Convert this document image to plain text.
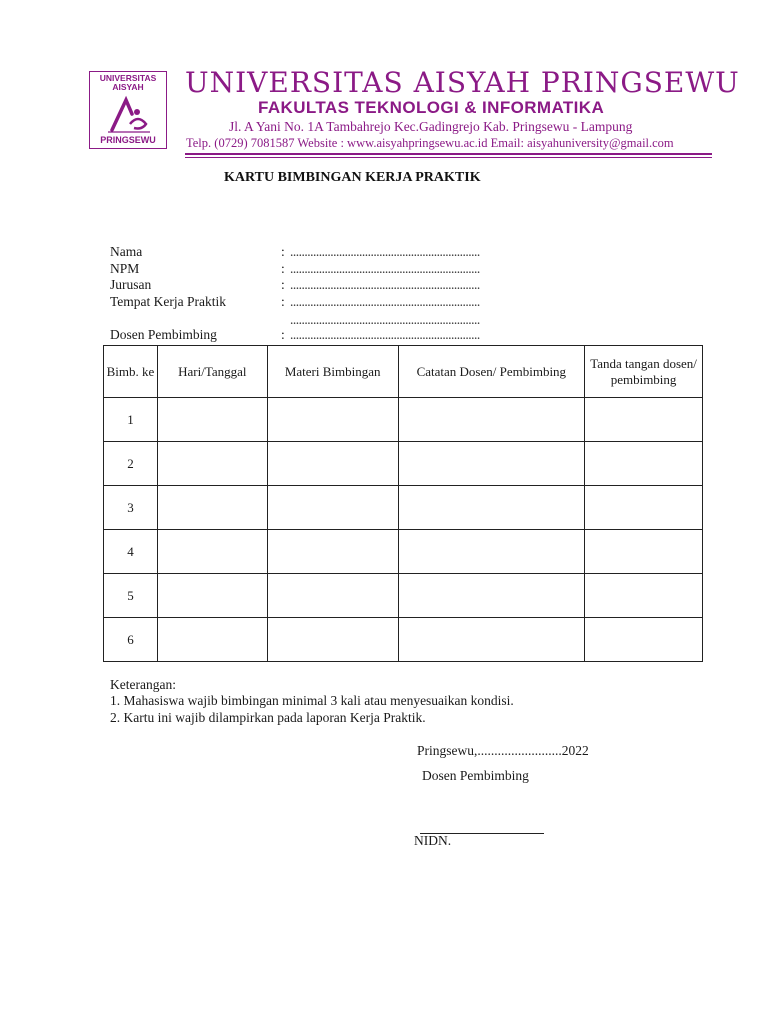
UNIVERSITAS AISYAH
PRINGSEWU
UNIVERSITAS AISYAH PRINGSEWU
FAKULTAS TEKNOLOGI & INFORMATIKA
Jl. A Yani No. 1A Tambahrejo Kec.Gadingrejo Kab. Pringsewu - Lampung
Telp. (0729) 7081587 Website : www.aisyahpringsewu.ac.id Email: aisyahuniversity@gmail.com
KARTU BIMBINGAN KERJA PRAKTIK
Nama	: ..................................................................
NPM	: ..................................................................
Jurusan	: ..................................................................
Tempat Kerja Praktik	: ..................................................................
..................................................................
Dosen Pembimbing	: ..................................................................
Bimb. ke	Hari/Tanggal	Materi Bimbingan	Catatan Dosen/ Pembimbing	Tanda tangan dosen/ pembimbing
1				
2				
3				
4				
5				
6				
Keterangan:
1. Mahasiswa wajib bimbingan minimal 3 kali atau menyesuaikan kondisi.
2. Kartu ini wajib dilampirkan pada laporan Kerja Praktik.
Pringsewu,.........................2022
Dosen Pembimbing
NIDN.
